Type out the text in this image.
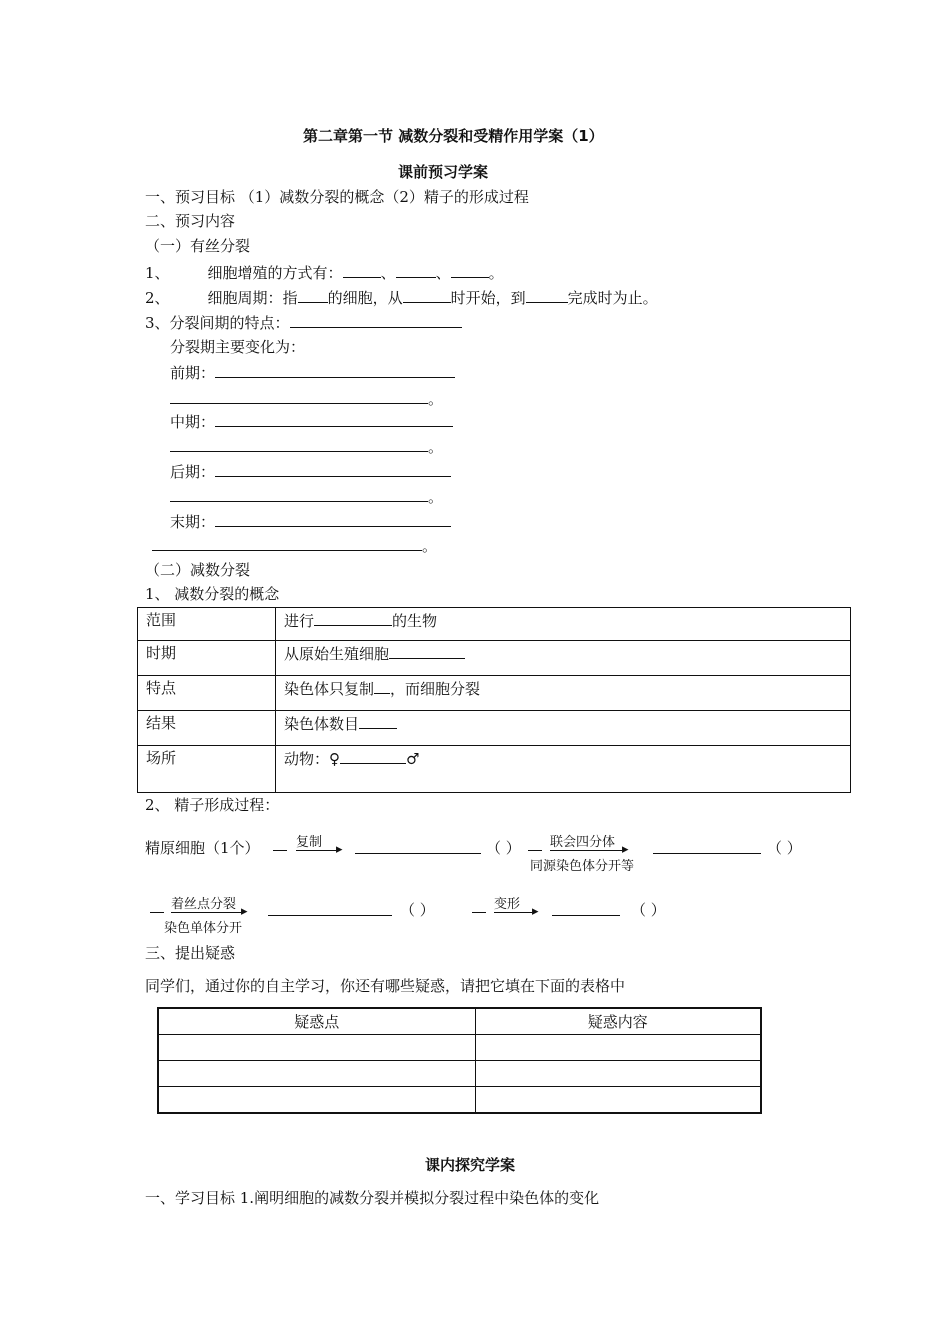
第二章第一节 减数分裂和受精作用学案（1）
课前预习学案
一、预习目标 （1）减数分裂的概念（2）精子的形成过程
二、预习内容
（一）有丝分裂
1、	细胞增殖的方式有：	、	、	。
2、	细胞周期：指 的细胞，从	时开始，到	完成时为止。
3、分裂间期的特点：
分裂期主要变化为：
前期：
。
中期：
。
后期：
。
末期：
。
（二）减数分裂
1、 减数分裂的概念
范围	进行 的生物
时期	从原始生殖细胞
特点	染色体只复制 ，而细胞分裂
结果	染色体数目
场所	动物：♀ ♂
2、 精子形成过程：
精原细胞（1个）	复制 ▸	（ ） 联会四分体 ▸
同源染色体分开等
（ ）
着丝点分裂 ▸
染色单体分开
（ ）	变形 ▸	（ ）
三、提出疑惑
同学们，通过你的自主学习，你还有哪些疑惑，请把它填在下面的表格中
疑惑点	疑惑内容

课内探究学案
一、学习目标 1.阐明细胞的减数分裂并模拟分裂过程中染色体的变化
